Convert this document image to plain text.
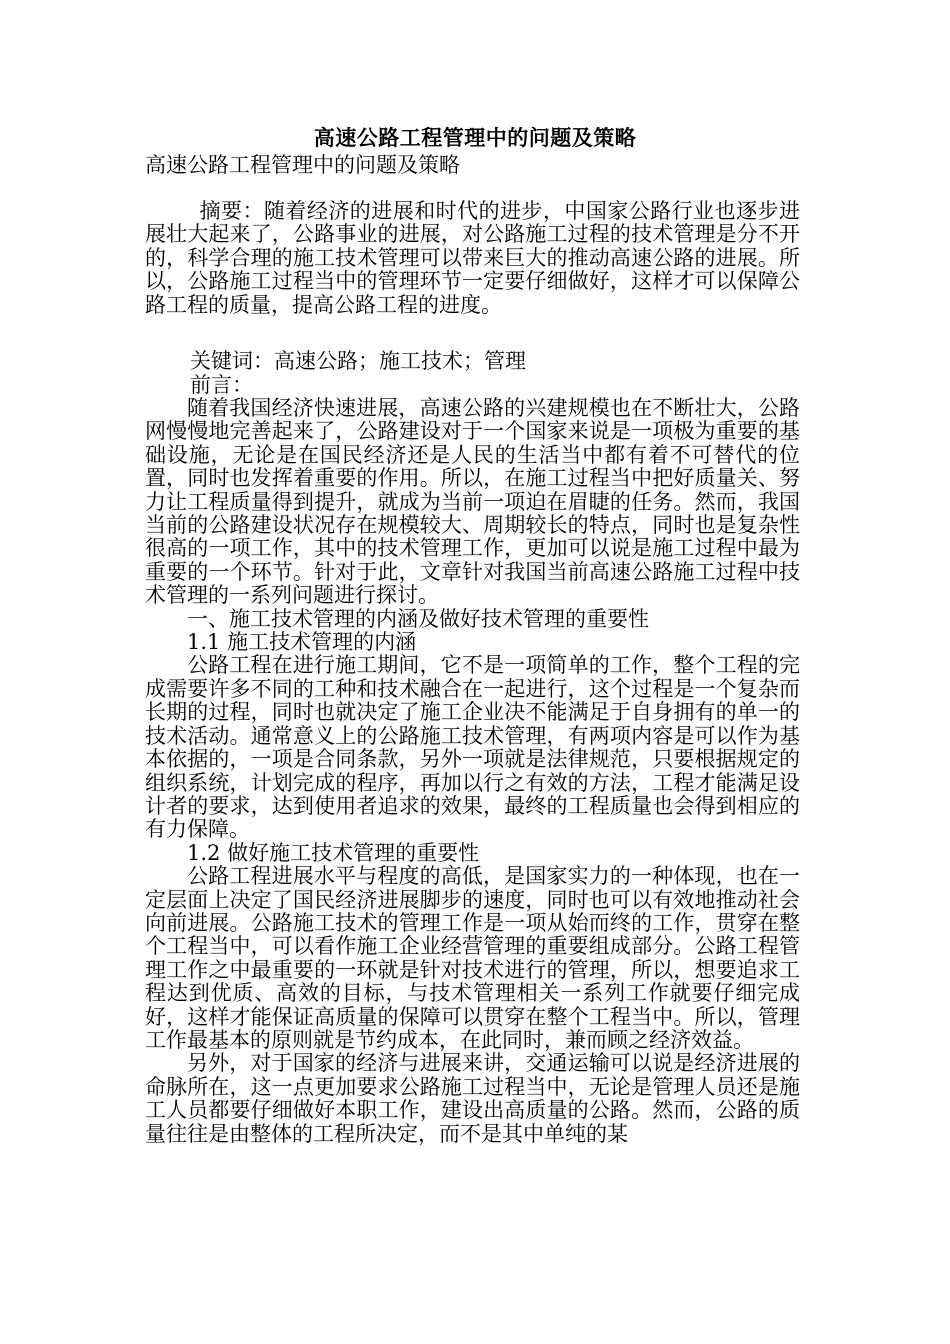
高速公路工程管理中的问题及策略
高速公路工程管理中的问题及策略

摘要：随着经济的进展和时代的进步，中国家公路行业也逐步进展壮大起来了，公路事业的进展，对公路施工过程的技术管理是分不开的，科学合理的施工技术管理可以带来巨大的推动高速公路的进展。所以，公路施工过程当中的管理环节一定要仔细做好，这样才可以保障公路工程的质量，提高公路工程的进度。

关键词：高速公路；施工技术；管理
前言：

随着我国经济快速进展，高速公路的兴建规模也在不断壮大，公路网慢慢地完善起来了，公路建设对于一个国家来说是一项极为重要的基础设施，无论是在国民经济还是人民的生活当中都有着不可替代的位置，同时也发挥着重要的作用。所以，在施工过程当中把好质量关、努力让工程质量得到提升，就成为当前一项迫在眉睫的任务。然而，我国当前的公路建设状况存在规模较大、周期较长的特点，同时也是复杂性很高的一项工作，其中的技术管理工作，更加可以说是施工过程中最为重要的一个环节。针对于此，文章针对我国当前高速公路施工过程中技术管理的一系列问题进行探讨。

一、施工技术管理的内涵及做好技术管理的重要性

1.1 施工技术管理的内涵

公路工程在进行施工期间，它不是一项简单的工作，整个工程的完成需要许多不同的工种和技术融合在一起进行，这个过程是一个复杂而长期的过程，同时也就决定了施工企业决不能满足于自身拥有的单一的技术活动。通常意义上的公路施工技术管理，有两项内容是可以作为基本依据的，一项是合同条款，另外一项就是法律规范，只要根据规定的组织系统，计划完成的程序，再加以行之有效的方法，工程才能满足设计者的要求，达到使用者追求的效果，最终的工程质量也会得到相应的有力保障。

1.2 做好施工技术管理的重要性

公路工程进展水平与程度的高低，是国家实力的一种体现，也在一定层面上决定了国民经济进展脚步的速度，同时也可以有效地推动社会向前进展。公路施工技术的管理工作是一项从始而终的工作，贯穿在整个工程当中，可以看作施工企业经营管理的重要组成部分。公路工程管理工作之中最重要的一环就是针对技术进行的管理，所以，想要追求工程达到优质、高效的目标，与技术管理相关一系列工作就要仔细完成好，这样才能保证高质量的保障可以贯穿在整个工程当中。所以，管理工作最基本的原则就是节约成本，在此同时，兼而顾之经济效益。

另外，对于国家的经济与进展来讲，交通运输可以说是经济进展的命脉所在，这一点更加要求公路施工过程当中，无论是管理人员还是施工人员都要仔细做好本职工作，建设出高质量的公路。然而，公路的质量往往是由整体的工程所决定，而不是其中单纯的某
